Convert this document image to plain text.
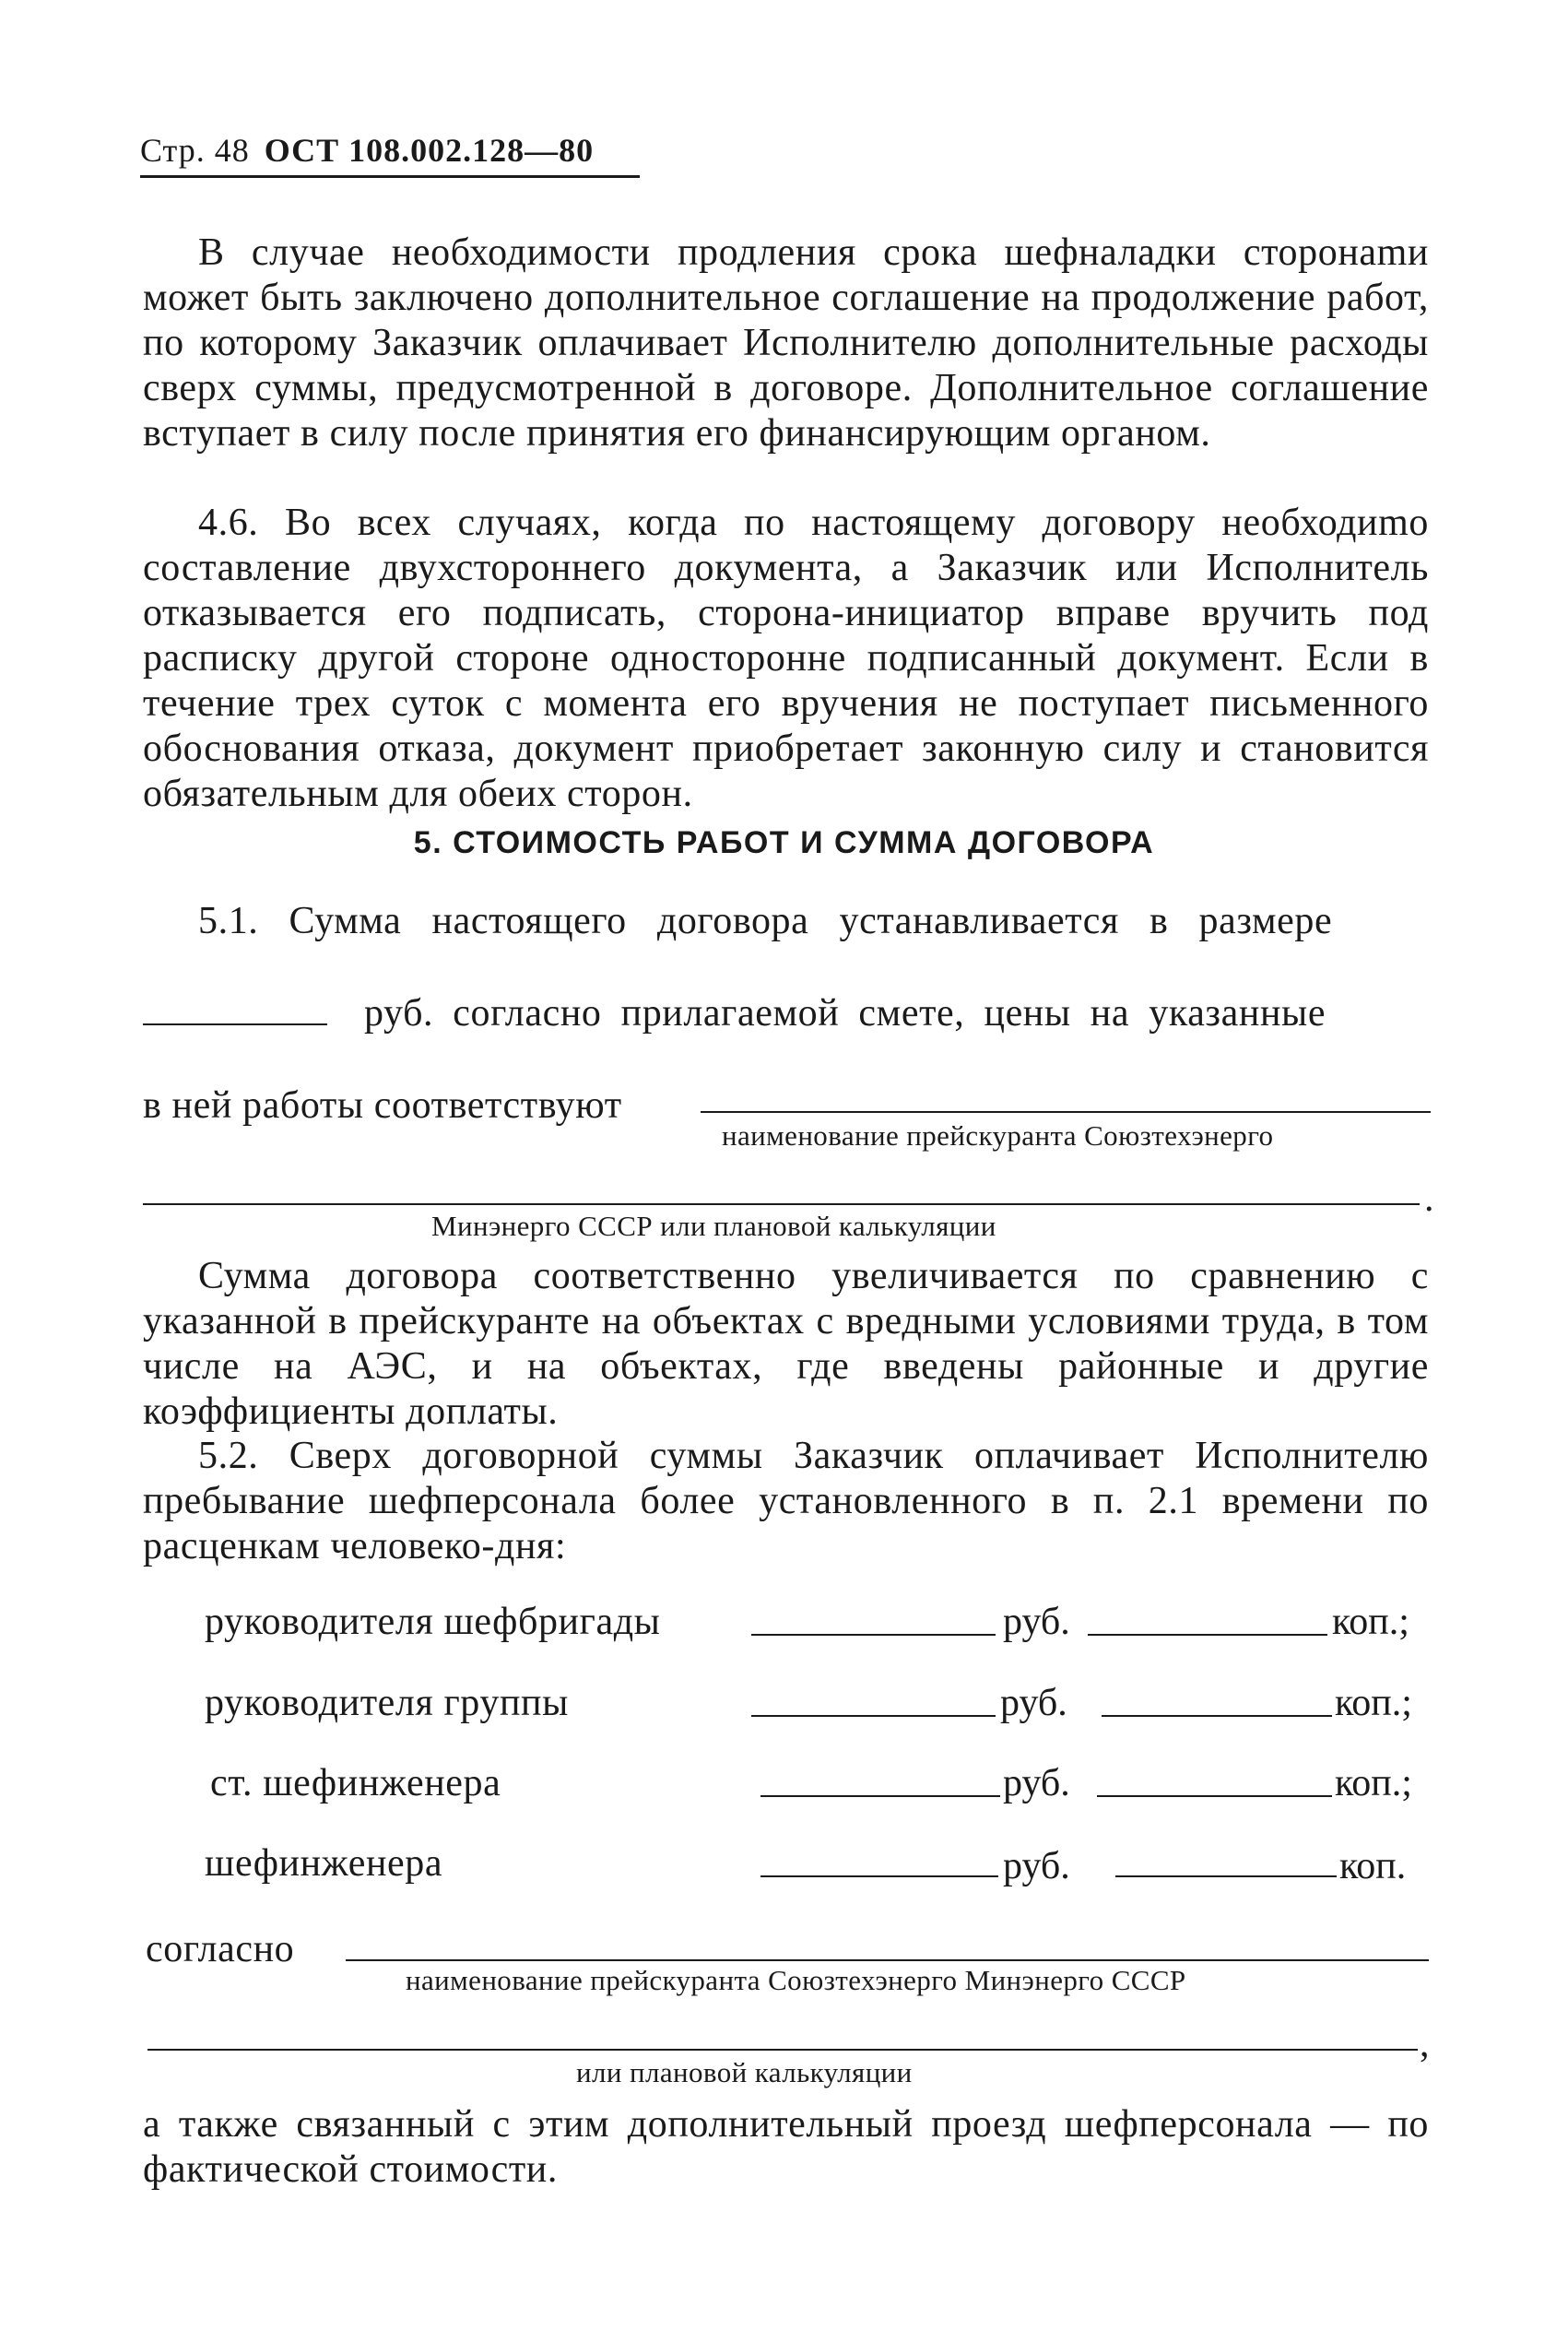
Стр. 48 ОСТ 108.002.128—80
В случае необходимости продления срока шефналадки сторонаmи может быть заключено дополнительное соглашение на продолжение работ, по которому Заказчик оплачивает Исполнителю дополнительные расходы сверх суммы, предусмотренной в договоре. Дополнительное соглашение вступает в силу после принятия его финансирующим органом.
4.6. Во всех случаях, когда по настоящему договору необходиmo составление двухстороннего документа, а Заказчик или Исполнитель отказывается его подписать, сторона-инициатор вправе вручить под расписку другой стороне односторонне подписанный документ. Если в течение трех суток с момента его вручения не поступает письменного обоснования отказа, документ приобретает законную силу и становится обязательным для обеих сторон.
5. СТОИМОСТЬ РАБОТ И СУММА ДОГОВОРА
5.1. Сумма настоящего договора устанавливается в размере
руб. согласно прилагаемой смете, цены на указанные
в ней работы соответствуют
наименование прейскуранта Союзтехэнерго
.
Минэнерго СССР или плановой калькуляции
Сумма договора соответственно увеличивается по сравнению с указанной в прейскуранте на объектах с вредными условиями труда, в том числе на АЭС, и на объектах, где введены районные и другие коэффициенты доплаты.
5.2. Сверх договорной суммы Заказчик оплачивает Исполнителю пребывание шефперсонала более установленного в п. 2.1 времени по расценкам человеко-дня:
руководителя шефбригады	руб.	коп.;
руководителя группы	руб.	коп.;
ст. шефинженера	руб.	коп.;
шефинженера	руб.	коп.
согласно
наименование прейскуранта Союзтехэнерго Минэнерго СССР
,
или плановой калькуляции
а также связанный с этим дополнительный проезд шефперсонала — по фактической стоимости.
